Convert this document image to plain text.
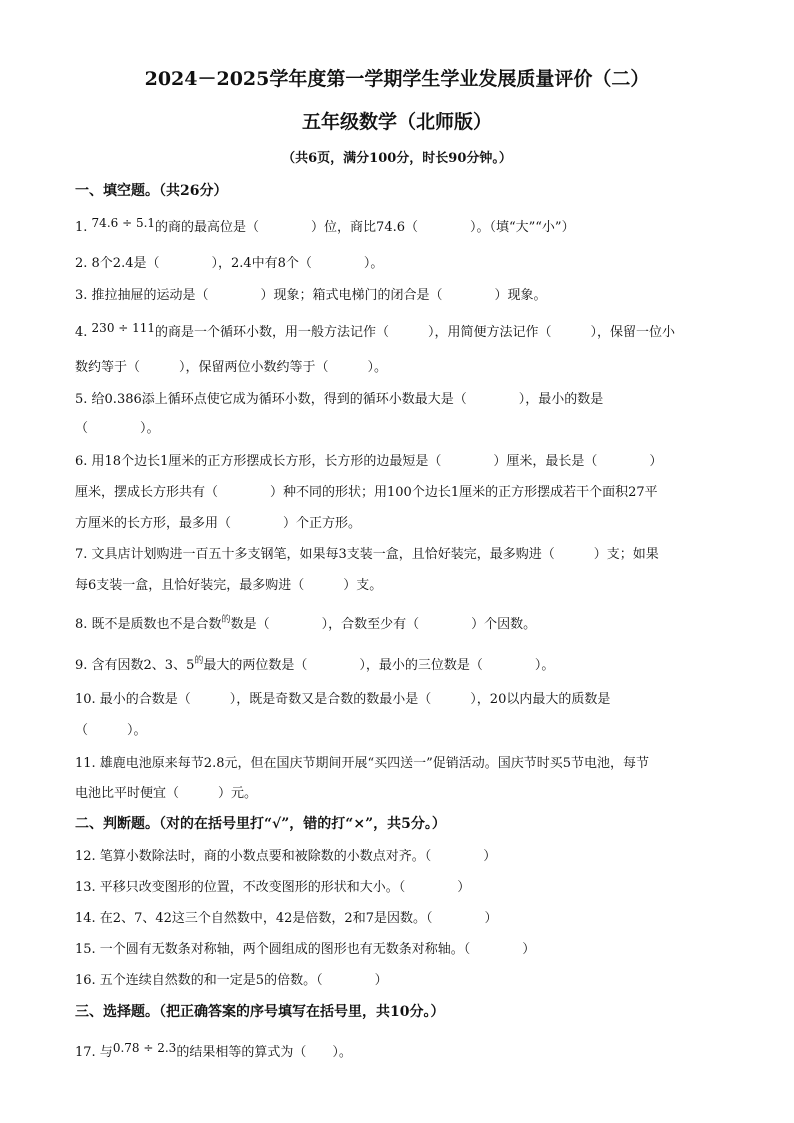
2024－2025学年度第一学期学生学业发展质量评价（二）
五年级数学（北师版）
（共6页，满分100分，时长90分钟。）
一、填空题。（共26分）
1. 74.6 ÷ 5.1的商的最高位是（　　　　）位，商比74.6（　　　　）。（填“大”“小”）
2. 8个2.4是（　　　　），2.4中有8个（　　　　）。
3. 推拉抽屉的运动是（　　　　）现象；箱式电梯门的闭合是（　　　　）现象。
4. 230 ÷ 111的商是一个循环小数，用一般方法记作（　　　），用简便方法记作（　　　），保留一位小
数约等于（　　　），保留两位小数约等于（　　　）。
5. 给0.386添上循环点使它成为循环小数，得到的循环小数最大是（　　　　），最小的数是
（　　　　）。
6. 用18个边长1厘米的正方形摆成长方形，长方形的边最短是（　　　　）厘米，最长是（　　　　）
厘米，摆成长方形共有（　　　　）种不同的形状；用100个边长1厘米的正方形摆成若干个面积27平
方厘米的长方形，最多用（　　　　）个正方形。
7. 文具店计划购进一百五十多支钢笔，如果每3支装一盒，且恰好装完，最多购进（　　　）支；如果
每6支装一盒，且恰好装完，最多购进（　　　）支。
8. 既不是质数也不是合数$^的$数是（　　　　），合数至少有（　　　　）个因数。
9. 含有因数2、3、$5^的$最大的两位数是（　　　　），最小的三位数是（　　　　）。
10. 最小的合数是（　　　），既是奇数又是合数的数最小是（　　　），20以内最大的质数是
（　　　）。
11. 雄鹿电池原来每节2.8元，但在国庆节期间开展“买四送一”促销活动。国庆节时买5节电池，每节
电池比平时便宜（　　　）元。
二、判断题。（对的在括号里打“√”，错的打“×”，共5分。）
12. 笔算小数除法时，商的小数点要和被除数的小数点对齐。（　　　　）
13. 平移只改变图形的位置，不改变图形的形状和大小。（　　　　）
14. 在2、7、42这三个自然数中，42是倍数，2和7是因数。（　　　　）
15. 一个圆有无数条对称轴，两个圆组成的图形也有无数条对称轴。（　　　　）
16. 五个连续自然数的和一定是5的倍数。（　　　　）
三、选择题。（把正确答案的序号填写在括号里，共10分。）
17. 与0.78 ÷ 2.3的结果相等的算式为（　　）。
